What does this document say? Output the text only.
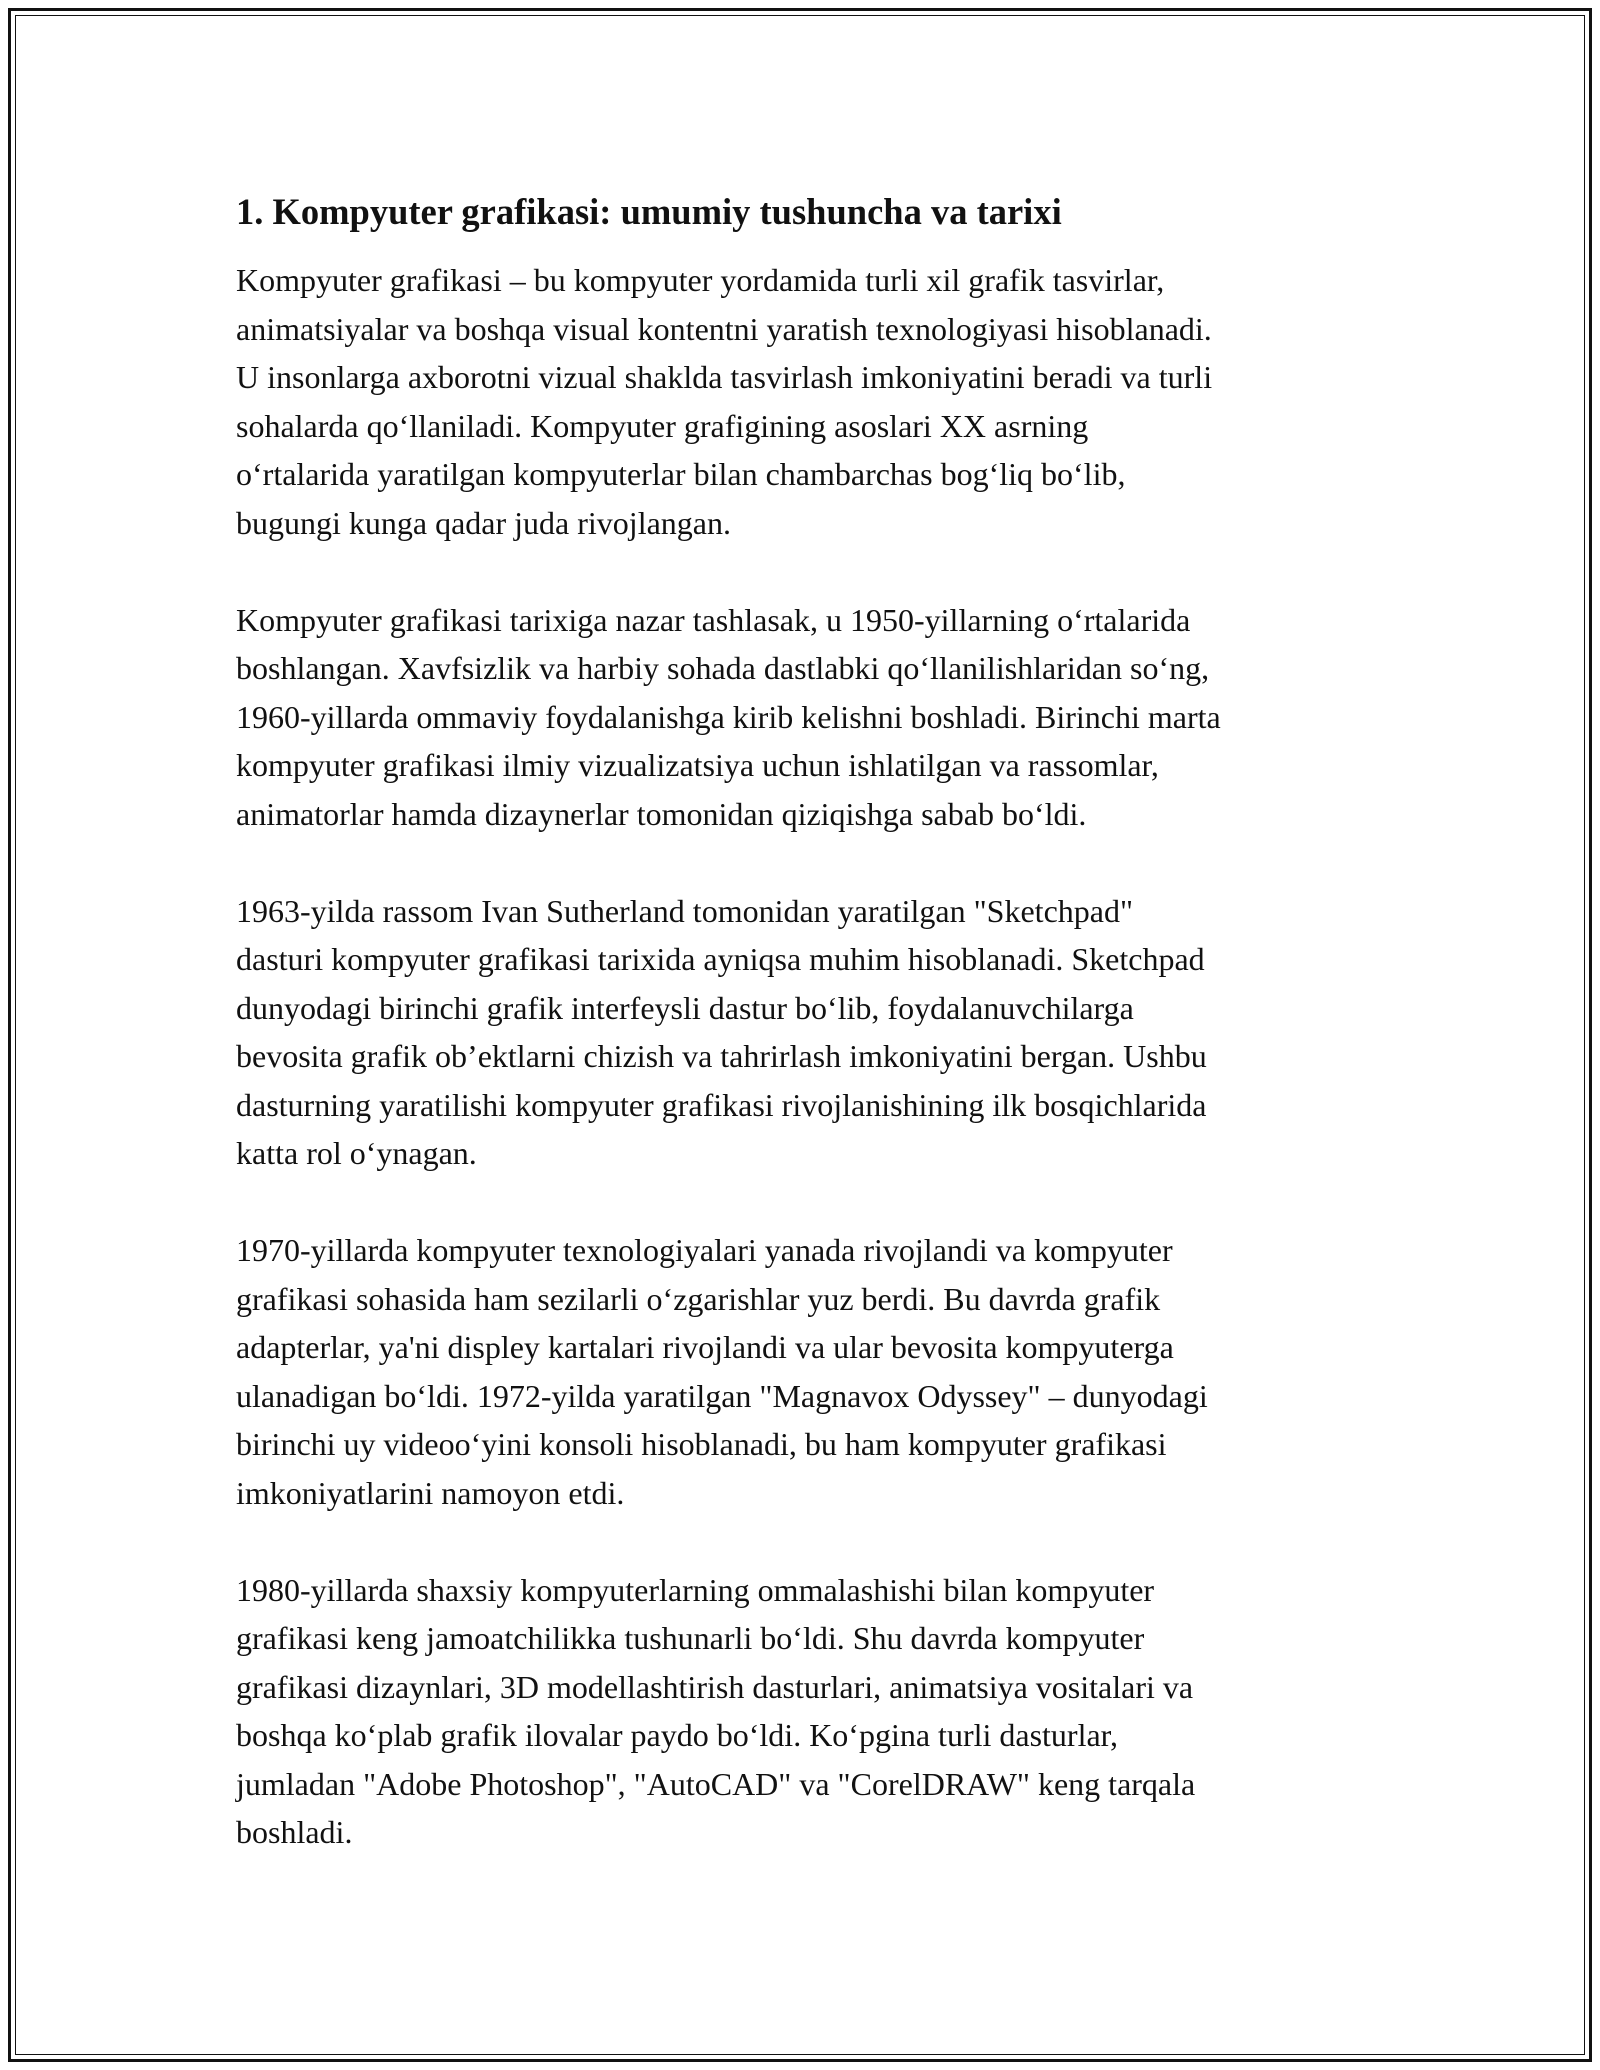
1. Kompyuter grafikasi: umumiy tushuncha va tarixi
Kompyuter grafikasi – bu kompyuter yordamida turli xil grafik tasvirlar,
animatsiyalar va boshqa visual kontentni yaratish texnologiyasi hisoblanadi.
U insonlarga axborotni vizual shaklda tasvirlash imkoniyatini beradi va turli
sohalarda qo‘llaniladi. Kompyuter grafigining asoslari XX asrning
o‘rtalarida yaratilgan kompyuterlar bilan chambarchas bog‘liq bo‘lib,
bugungi kunga qadar juda rivojlangan.
Kompyuter grafikasi tarixiga nazar tashlasak, u 1950-yillarning o‘rtalarida
boshlangan. Xavfsizlik va harbiy sohada dastlabki qo‘llanilishlaridan so‘ng,
1960-yillarda ommaviy foydalanishga kirib kelishni boshladi. Birinchi marta
kompyuter grafikasi ilmiy vizualizatsiya uchun ishlatilgan va rassomlar,
animatorlar hamda dizaynerlar tomonidan qiziqishga sabab bo‘ldi.
1963-yilda rassom Ivan Sutherland tomonidan yaratilgan "Sketchpad"
dasturi kompyuter grafikasi tarixida ayniqsa muhim hisoblanadi. Sketchpad
dunyodagi birinchi grafik interfeysli dastur bo‘lib, foydalanuvchilarga
bevosita grafik ob’ektlarni chizish va tahrirlash imkoniyatini bergan. Ushbu
dasturning yaratilishi kompyuter grafikasi rivojlanishining ilk bosqichlarida
katta rol o‘ynagan.
1970-yillarda kompyuter texnologiyalari yanada rivojlandi va kompyuter
grafikasi sohasida ham sezilarli o‘zgarishlar yuz berdi. Bu davrda grafik
adapterlar, ya'ni displey kartalari rivojlandi va ular bevosita kompyuterga
ulanadigan bo‘ldi. 1972-yilda yaratilgan "Magnavox Odyssey" – dunyodagi
birinchi uy videoo‘yini konsoli hisoblanadi, bu ham kompyuter grafikasi
imkoniyatlarini namoyon etdi.
1980-yillarda shaxsiy kompyuterlarning ommalashishi bilan kompyuter
grafikasi keng jamoatchilikka tushunarli bo‘ldi. Shu davrda kompyuter
grafikasi dizaynlari, 3D modellashtirish dasturlari, animatsiya vositalari va
boshqa ko‘plab grafik ilovalar paydo bo‘ldi. Ko‘pgina turli dasturlar,
jumladan "Adobe Photoshop", "AutoCAD" va "CorelDRAW" keng tarqala
boshladi.
